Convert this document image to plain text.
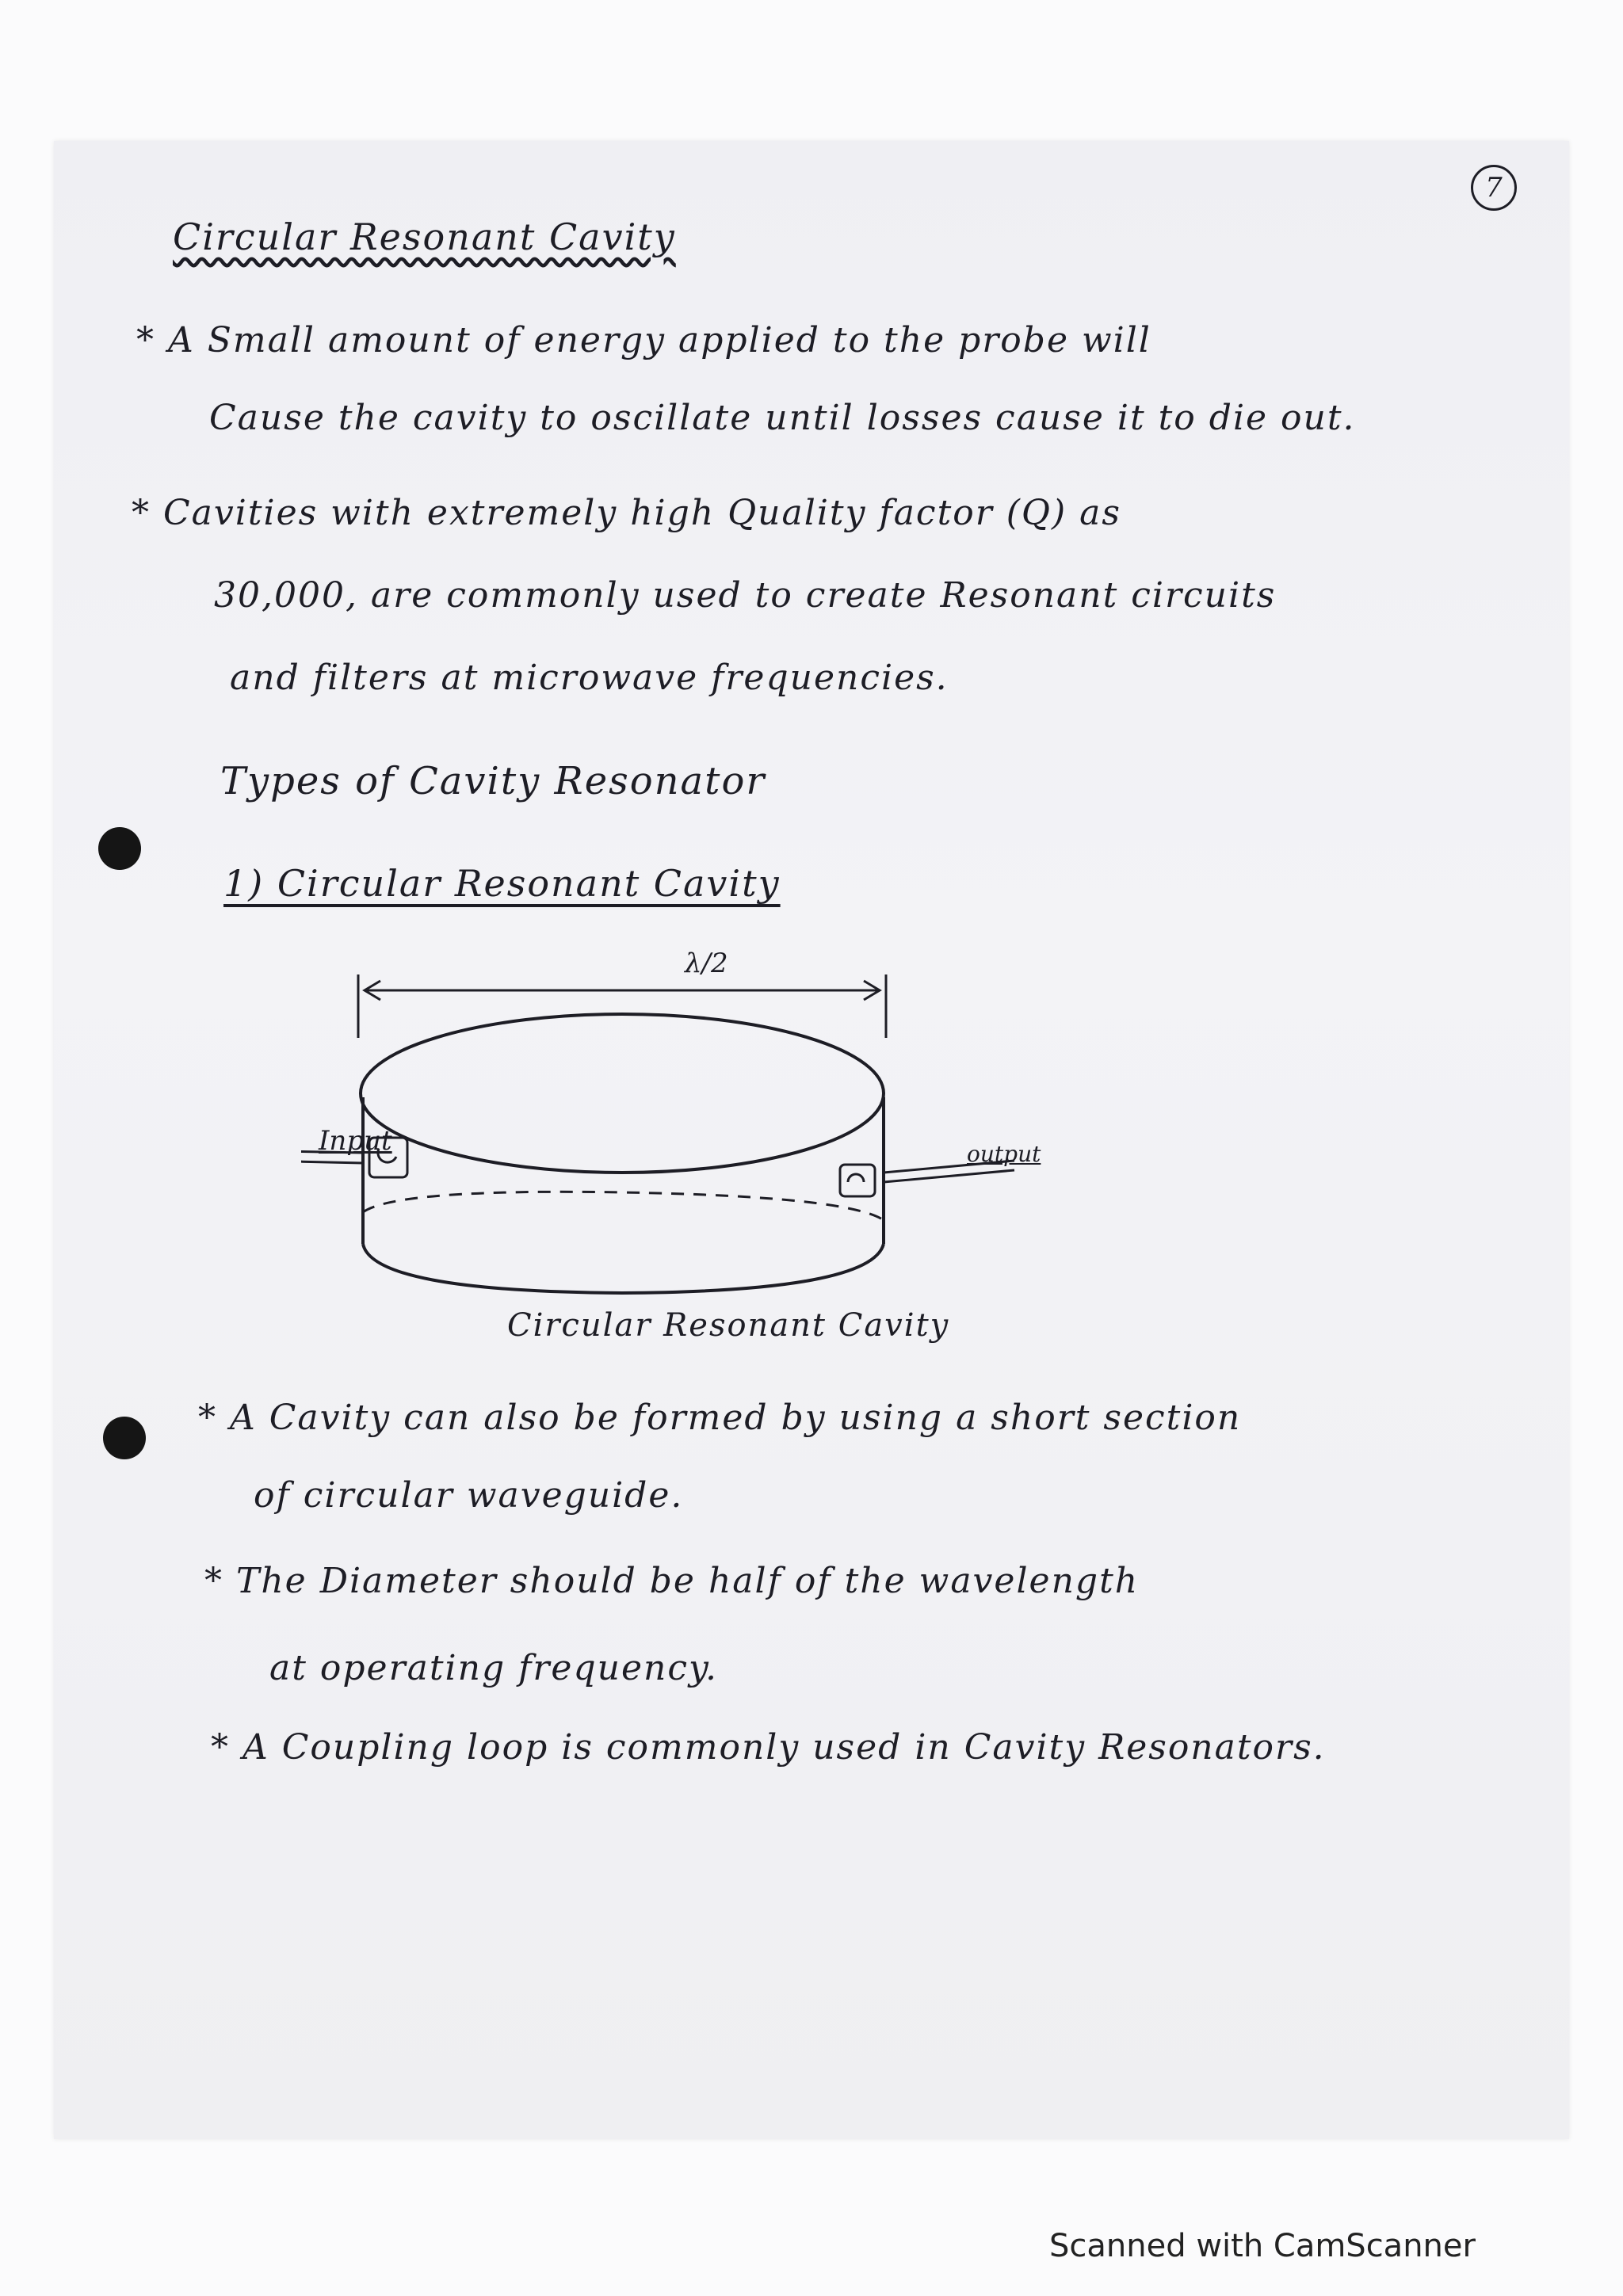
7
Circular Resonant Cavity
* A Small amount of energy applied to the probe will
Cause the cavity to oscillate until losses cause it to die out.
* Cavities with extremely high Quality factor (Q) as
30,000, are commonly used to create Resonant circuits
and filters at microwave frequencies.
Types of Cavity Resonator
1) Circular Resonant Cavity
λ/2
Input	output
Circular Resonant Cavity
* A Cavity can also be formed by using a short section
of circular waveguide.
* The Diameter should be half of the wavelength
at operating frequency.
* A Coupling loop is commonly used in Cavity Resonators.
Scanned with CamScanner
